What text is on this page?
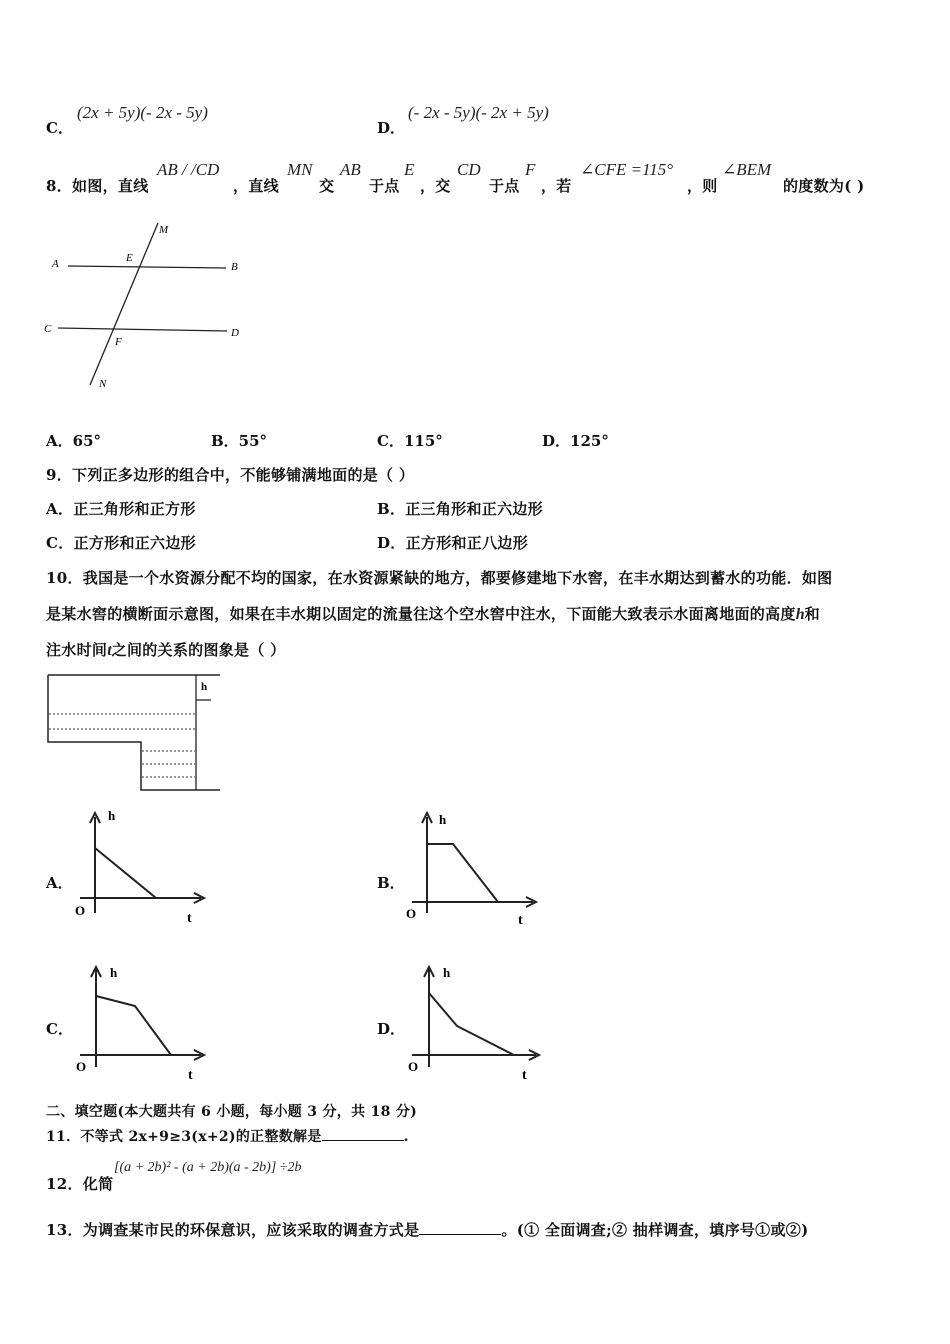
C．
(2x + 5y)(- 2x - 5y)
D．
(- 2x - 5y)(- 2x + 5y)
8．如图，直线
AB / /CD
，直线
MN
交
AB
于点
E
，交
CD
于点
F
，若
∠CFE =115°
，则
∠BEM
的度数为( )
A	B
C	D
E
F
M
N
A．65°	B．55°	C．115°	D．125°
9．下列正多边形的组合中，不能够铺满地面的是（ ）
A．正三角形和正方形	B．正三角形和正六边形
C．正方形和正六边形	D．正方形和正八边形
10．我国是一个水资源分配不均的国家，在水资源紧缺的地方，都要修建地下水窖，在丰水期达到蓄水的功能．如图
是某水窖的横断面示意图，如果在丰水期以固定的流量往这个空水窖中注水，下面能大致表示水面离地面的高度h和
注水时间t之间的关系的图象是（ ）
h
A．
h
O
t
B．
h
O	t
C．
h
O
t
D．
h
O
t
二、填空题(本大题共有 6 小题，每小题 3 分，共 18 分)
11．不等式 2x+9≥3(x+2)的正整数解是	.
12．化简
[(a + 2b)² - (a + 2b)(a - 2b)] ÷2b
13．为调查某市民的环保意识，应该采取的调查方式是	。(① 全面调查;② 抽样调查，填序号①或②)
